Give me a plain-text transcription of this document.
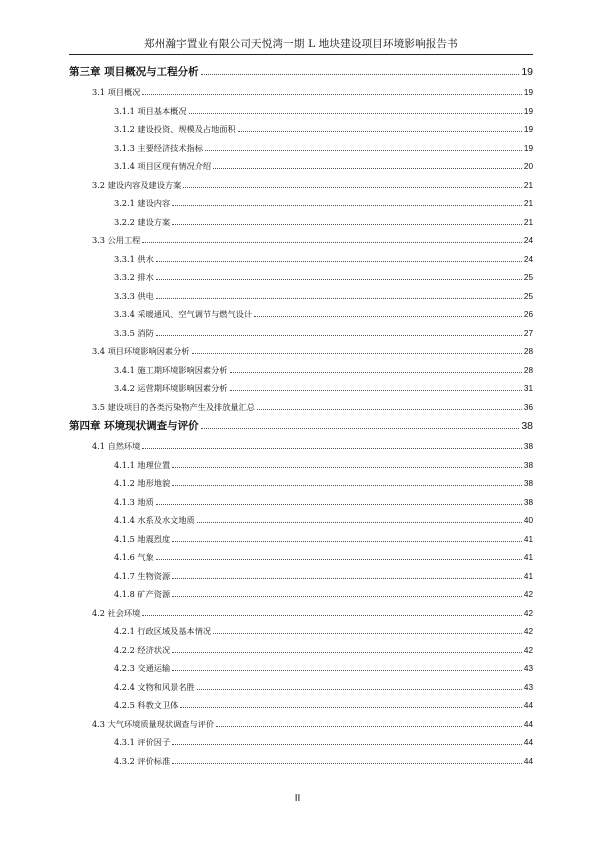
郑州瀚宇置业有限公司天悦湾一期 L 地块建设项目环境影响报告书
第三章 项目概况与工程分析	19
3.1 项目概况	19
3.1.1 项目基本概况	19
3.1.2 建设投资、规模及占地面积	19
3.1.3 主要经济技术指标	19
3.1.4 项目区现有情况介绍	20
3.2 建设内容及建设方案	21
3.2.1 建设内容	21
3.2.2 建设方案	21
3.3 公用工程	24
3.3.1 供水	24
3.3.2 排水	25
3.3.3 供电	25
3.3.4 采暖通风、空气调节与燃气设计	26
3.3.5 消防	27
3.4 项目环境影响因素分析	28
3.4.1 施工期环境影响因素分析	28
3.4.2 运营期环境影响因素分析	31
3.5 建设项目的各类污染物产生及排放量汇总	36
第四章 环境现状调查与评价	38
4.1 自然环境	38
4.1.1 地理位置	38
4.1.2 地形地貌	38
4.1.3 地质	38
4.1.4 水系及水文地质	40
4.1.5 地震烈度	41
4.1.6 气象	41
4.1.7 生物资源	41
4.1.8 矿产资源	42
4.2 社会环境	42
4.2.1 行政区域及基本情况	42
4.2.2 经济状况	42
4.2.3 交通运输	43
4.2.4 文物和风景名胜	43
4.2.5 科教文卫体	44
4.3 大气环境质量现状调查与评价	44
4.3.1 评价因子	44
4.3.2 评价标准	44
II
